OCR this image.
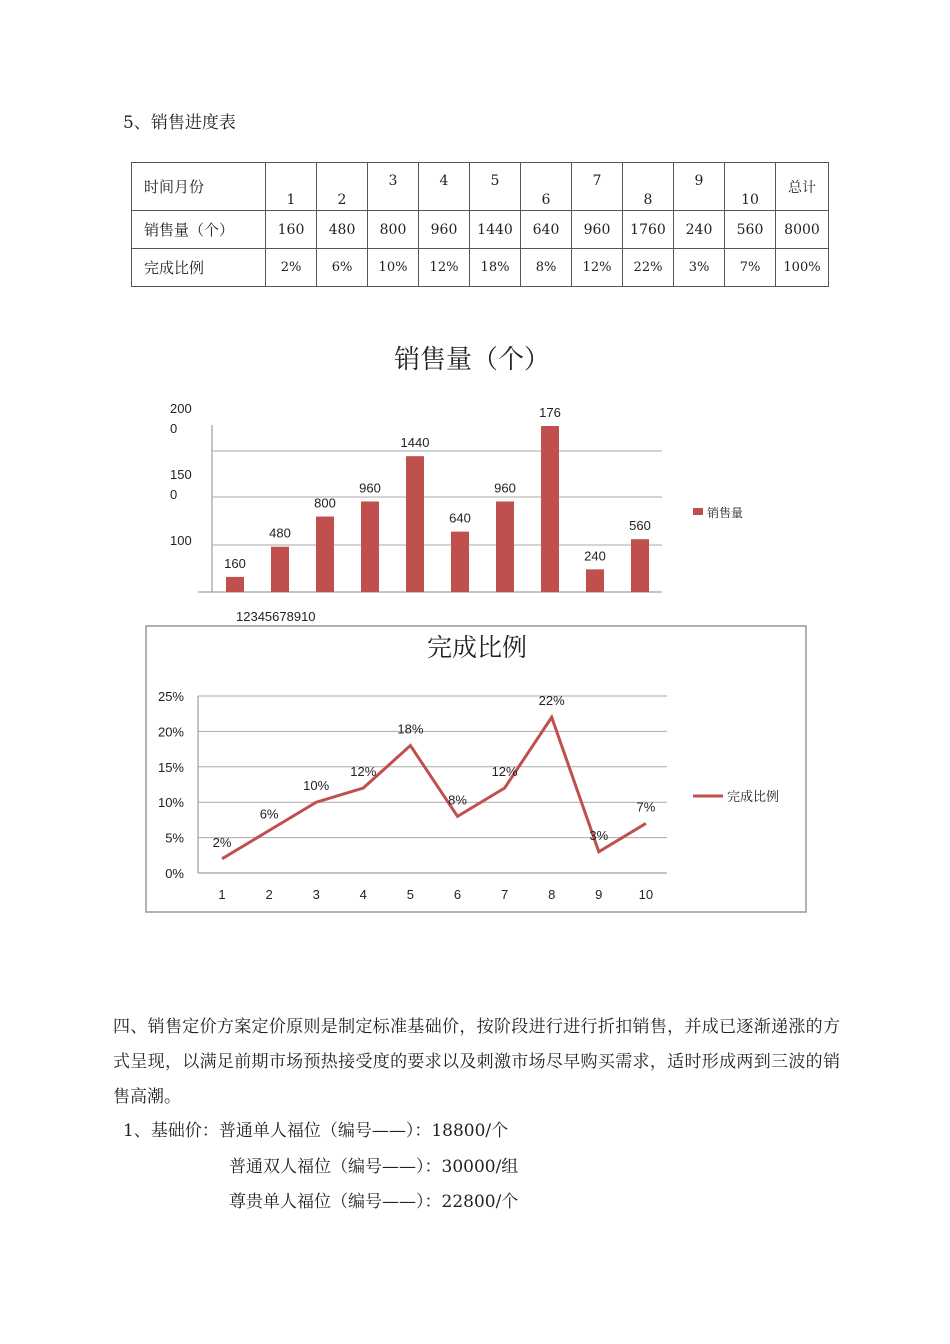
5、销售进度表
时间月份	1	2	3	4	5	6	7	8	9	10	总计
销售量（个）	160	480	800	960	1440	640	960	1760	240	560	8000
完成比例	2%	6%	10%	12%	18%	8%	12%	22%	3%	7%	100%
销售量（个）
160
480
800
960
1440
640
960
176
240
560
200 0
150 0
100
12345678910
销售量
完成比例
0%
5%
10%
15%
20%
25%
1	2	3	4	5	6	7	8	9	10
2%
6%
10%
12%
18%
8%
12%
22%
3%
7%
完成比例
四、销售定价方案定价原则是制定标准基础价，按阶段进行进行折扣销售，并成已逐渐递涨的方式呈现，以满足前期市场预热接受度的要求以及刺激市场尽早购买需求，适时形成两到三波的销售高潮。
1、基础价：普通单人福位（编号——）：18800/个
普通双人福位（编号——）：30000/组
尊贵单人福位（编号——）：22800/个
